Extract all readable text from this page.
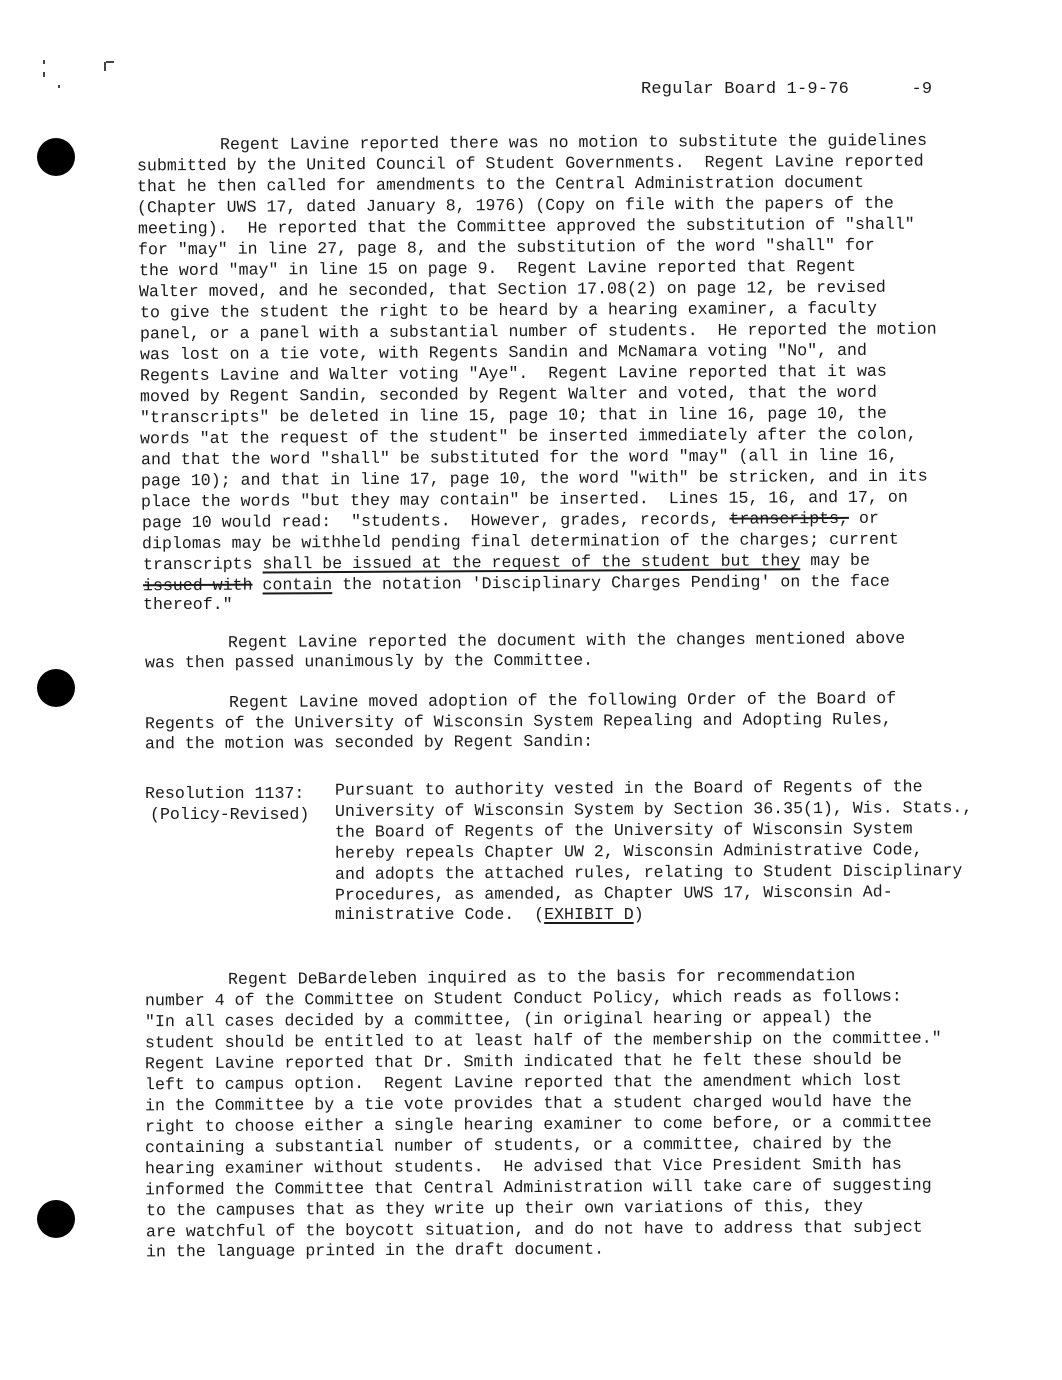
Regular Board 1-9-76	-9
Regent Lavine reported there was no motion to substitute the guidelines
submitted by the United Council of Student Governments.  Regent Lavine reported
that he then called for amendments to the Central Administration document
(Chapter UWS 17, dated January 8, 1976) (Copy on file with the papers of the
meeting).  He reported that the Committee approved the substitution of "shall"
for "may" in line 27, page 8, and the substitution of the word "shall" for
the word "may" in line 15 on page 9.  Regent Lavine reported that Regent
Walter moved, and he seconded, that Section 17.08(2) on page 12, be revised
to give the student the right to be heard by a hearing examiner, a faculty
panel, or a panel with a substantial number of students.  He reported the motion
was lost on a tie vote, with Regents Sandin and McNamara voting "No", and
Regents Lavine and Walter voting "Aye".  Regent Lavine reported that it was
moved by Regent Sandin, seconded by Regent Walter and voted, that the word
"transcripts" be deleted in line 15, page 10; that in line 16, page 10, the
words "at the request of the student" be inserted immediately after the colon,
and that the word "shall" be substituted for the word "may" (all in line 16,
page 10); and that in line 17, page 10, the word "with" be stricken, and in its
place the words "but they may contain" be inserted.  Lines 15, 16, and 17, on
page 10 would read:  "students.  However, grades, records, transcripts, or
diplomas may be withheld pending final determination of the charges; current
transcripts shall be issued at the request of the student but they may be
issued with contain the notation 'Disciplinary Charges Pending' on the face
thereof."
Regent Lavine reported the document with the changes mentioned above
was then passed unanimously by the Committee.
Regent Lavine moved adoption of the following Order of the Board of
Regents of the University of Wisconsin System Repealing and Adopting Rules,
and the motion was seconded by Regent Sandin:
Resolution 1137:
(Policy-Revised)
Pursuant to authority vested in the Board of Regents of the
University of Wisconsin System by Section 36.35(1), Wis. Stats.,
the Board of Regents of the University of Wisconsin System
hereby repeals Chapter UW 2, Wisconsin Administrative Code,
and adopts the attached rules, relating to Student Disciplinary
Procedures, as amended, as Chapter UWS 17, Wisconsin Ad-
ministrative Code.  (EXHIBIT D)
Regent DeBardeleben inquired as to the basis for recommendation
number 4 of the Committee on Student Conduct Policy, which reads as follows:
"In all cases decided by a committee, (in original hearing or appeal) the
student should be entitled to at least half of the membership on the committee."
Regent Lavine reported that Dr. Smith indicated that he felt these should be
left to campus option.  Regent Lavine reported that the amendment which lost
in the Committee by a tie vote provides that a student charged would have the
right to choose either a single hearing examiner to come before, or a committee
containing a substantial number of students, or a committee, chaired by the
hearing examiner without students.  He advised that Vice President Smith has
informed the Committee that Central Administration will take care of suggesting
to the campuses that as they write up their own variations of this, they
are watchful of the boycott situation, and do not have to address that subject
in the language printed in the draft document.
